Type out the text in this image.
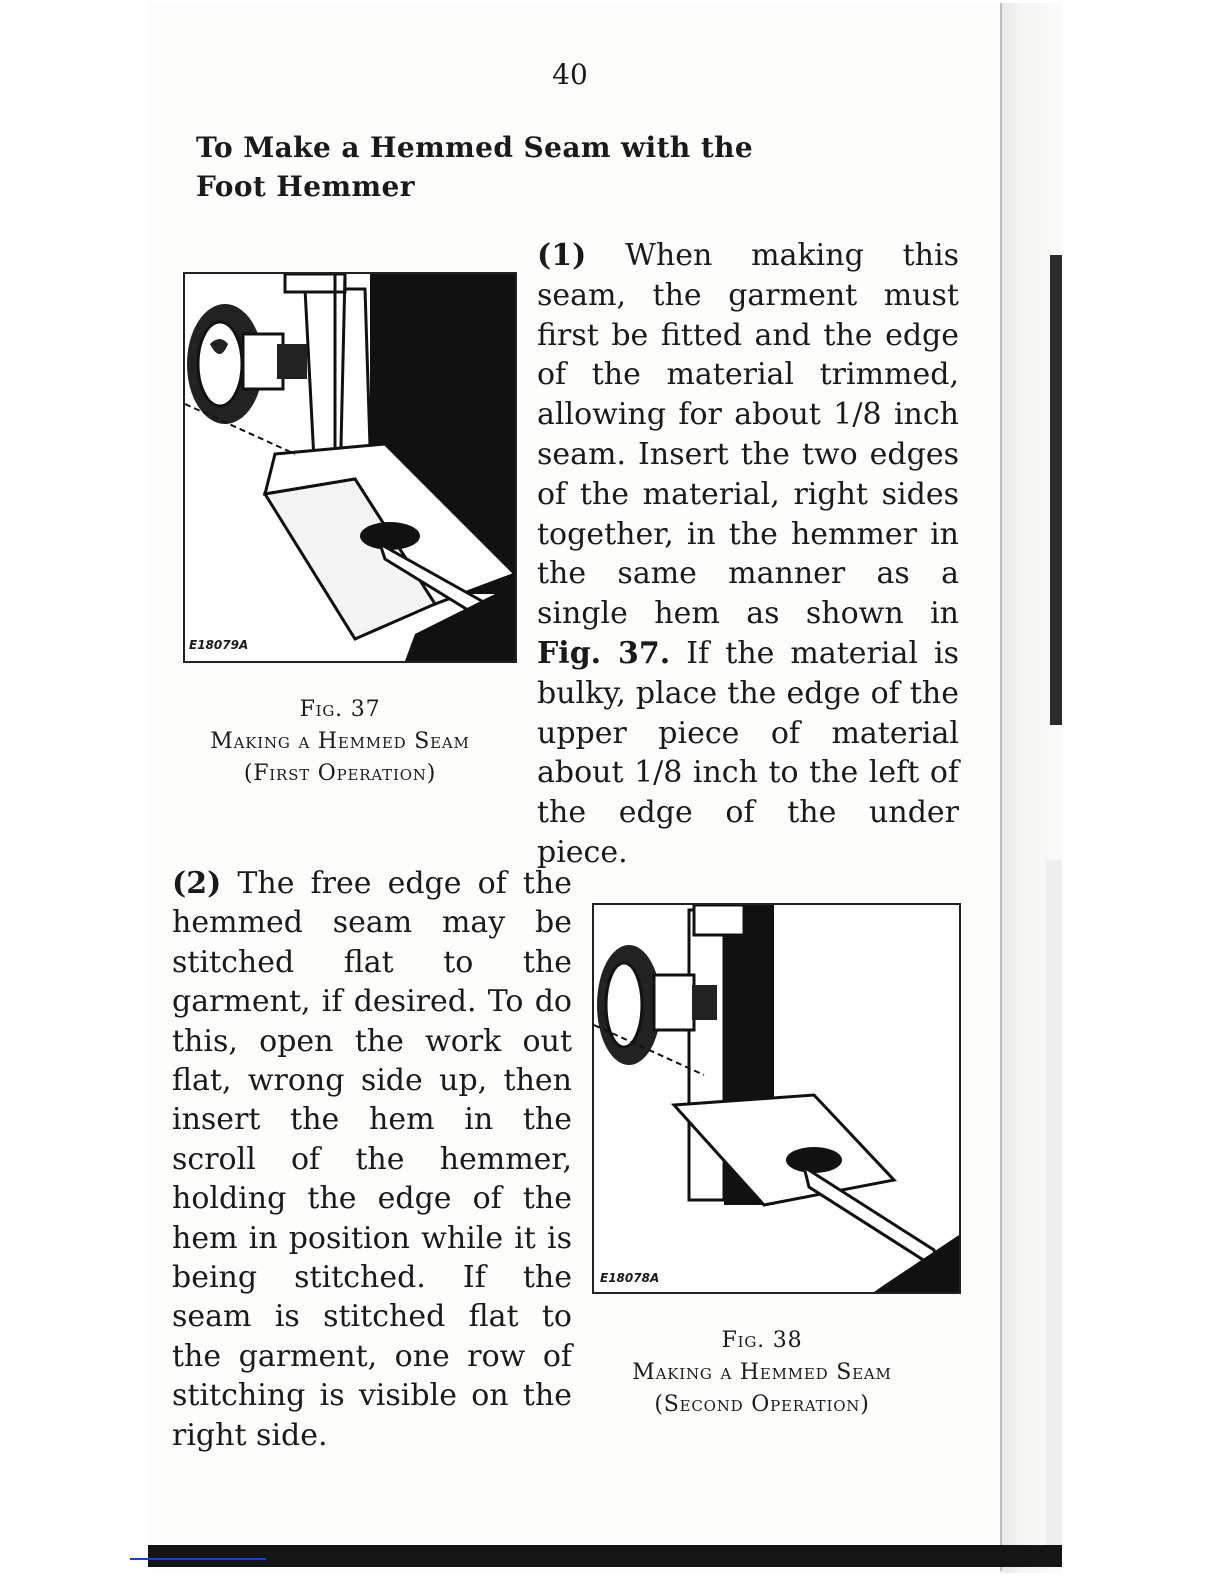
40
To Make a Hemmed Seam with the
Foot Hemmer
E18079A
Fig. 37
Making a Hemmed Seam
(First Operation)
(1) When making this seam, the garment must first be fitted and the edge of the material trimmed, allowing for about 1/8 inch seam. Insert the two edges of the material, right sides together, in the hemmer in the same manner as a single hem as shown in Fig. 37. If the material is bulky, place the edge of the upper piece of material about 1/8 inch to the left of the edge of the under piece.
(2) The free edge of the hemmed seam may be stitched flat to the garment, if desired. To do this, open the work out flat, wrong side up, then insert the hem in the scroll of the hemmer, holding the edge of the hem in position while it is being stitched. If the seam is stitched flat to the garment, one row of stitching is visible on the right side.
E18078A
Fig. 38
Making a Hemmed Seam
(Second Operation)
